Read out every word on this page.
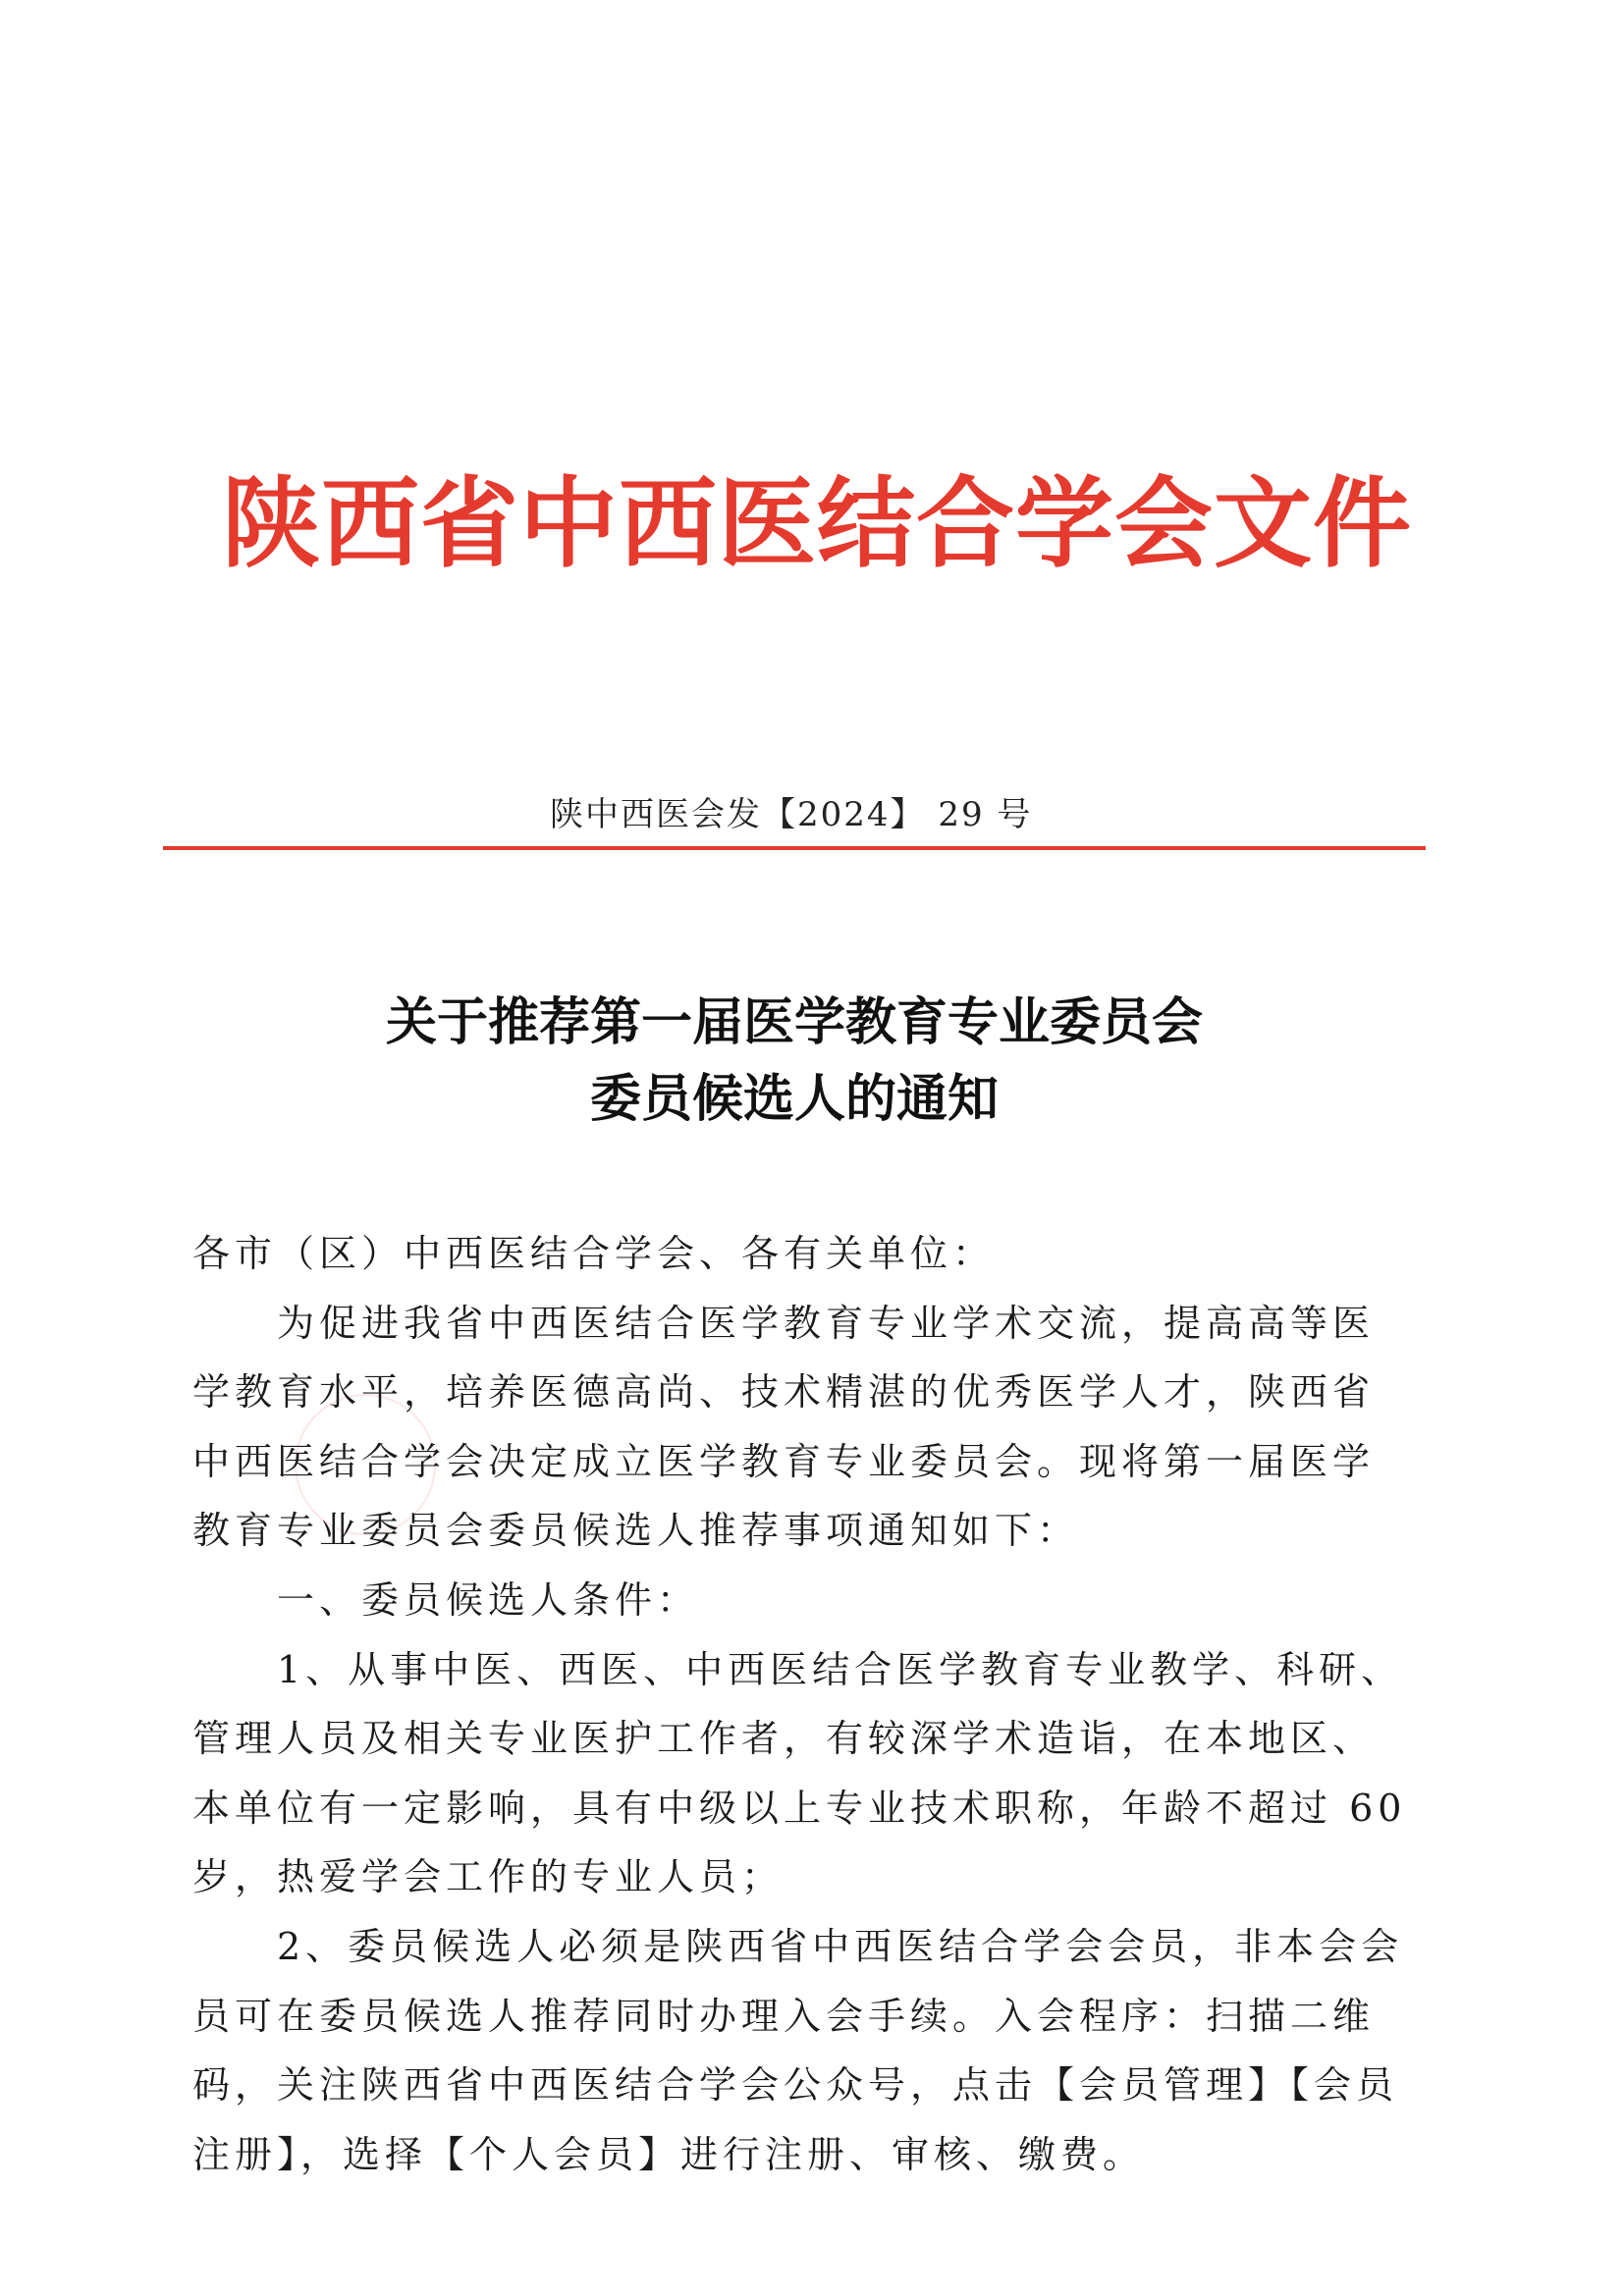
陕西省中西医结合学会文件
陕中西医会发【2024】 29 号
关于推荐第一届医学教育专业委员会
委员候选人的通知

各市（区）中西医结合学会、各有关单位：

为促进我省中西医结合医学教育专业学术交流，提高高等医学教育水平，培养医德高尚、技术精湛的优秀医学人才，陕西省中西医结合学会决定成立医学教育专业委员会。现将第一届医学教育专业委员会委员候选人推荐事项通知如下：

一、委员候选人条件：

1、从事中医、西医、中西医结合医学教育专业教学、科研、管理人员及相关专业医护工作者，有较深学术造诣，在本地区、本单位有一定影响，具有中级以上专业技术职称，年龄不超过 60 岁，热爱学会工作的专业人员；

2、委员候选人必须是陕西省中西医结合学会会员，非本会会员可在委员候选人推荐同时办理入会手续。入会程序：扫描二维码，关注陕西省中西医结合学会公众号，点击【会员管理】【会员注册】，选择【个人会员】进行注册、审核、缴费。
